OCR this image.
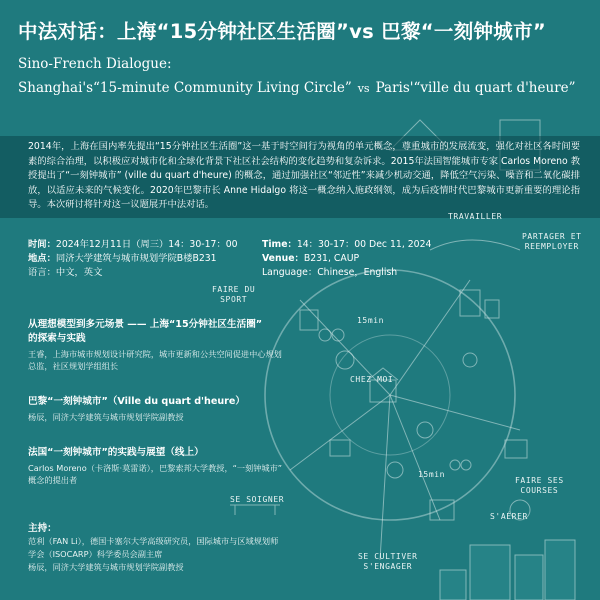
中法对话：上海“15分钟社区生活圈”vs 巴黎“一刻钟城市”
Sino-French Dialogue:
Shanghai's“15-minute Community Living Circle” vs Paris'“ville du quart d'heure”
2014年，上海在国内率先提出“15分钟社区生活圈”这一基于时空间行为视角的单元概念，尊重城市的发展流变，强化对社区各时间要素的综合治理，以积极应对城市化和全球化背景下社区社会结构的变化趋势和复杂诉求。2015年法国智能城市专家 Carlos Moreno 教授提出了“一刻钟城市” (ville du quart d'heure) 的概念，通过加强社区“邻近性”来减少机动交通，降低空气污染、噪音和二氧化碳排放，以适应未来的气候变化。2020年巴黎市长 Anne Hidalgo 将这一概念纳入施政纲领，成为后疫情时代巴黎城市更新重要的理论指导。本次研讨将针对这一议题展开中法对话。
时间：2024年12月11日（周三）14：30-17：00
地点：同济大学建筑与城市规划学院B楼B231
语言：中文，英文
Time：14：30-17：00 Dec 11, 2024
Venue：B231, CAUP
Language：Chinese，English
从理想模型到多元场景 —— 上海“15分钟社区生活圈”
的探索与实践
王睿，上海市城市规划设计研究院，城市更新和公共空间促进中心规划
总监，社区规划学组组长
巴黎“一刻钟城市”（Ville du quart d'heure）
杨辰，同济大学建筑与城市规划学院副教授
法国“一刻钟城市”的实践与展望（线上）
Carlos Moreno（卡洛斯·莫雷诺），巴黎索邦大学教授，“一刻钟城市”
概念的提出者
主持：
范利（FAN Li），德国卡塞尔大学高级研究员，国际城市与区域规划师
学会（ISOCARP）科学委员会副主席
杨辰，同济大学建筑与城市规划学院副教授
TRAVAILLER
PARTAGER ET
REEMPLOYER
FAIRE DU
SPORT
15min
CHEZ MOI
FAIRE SES
COURSES
15min
SE SOIGNER
S'AÉRER
SE CULTIVER
S'ENGAGER
